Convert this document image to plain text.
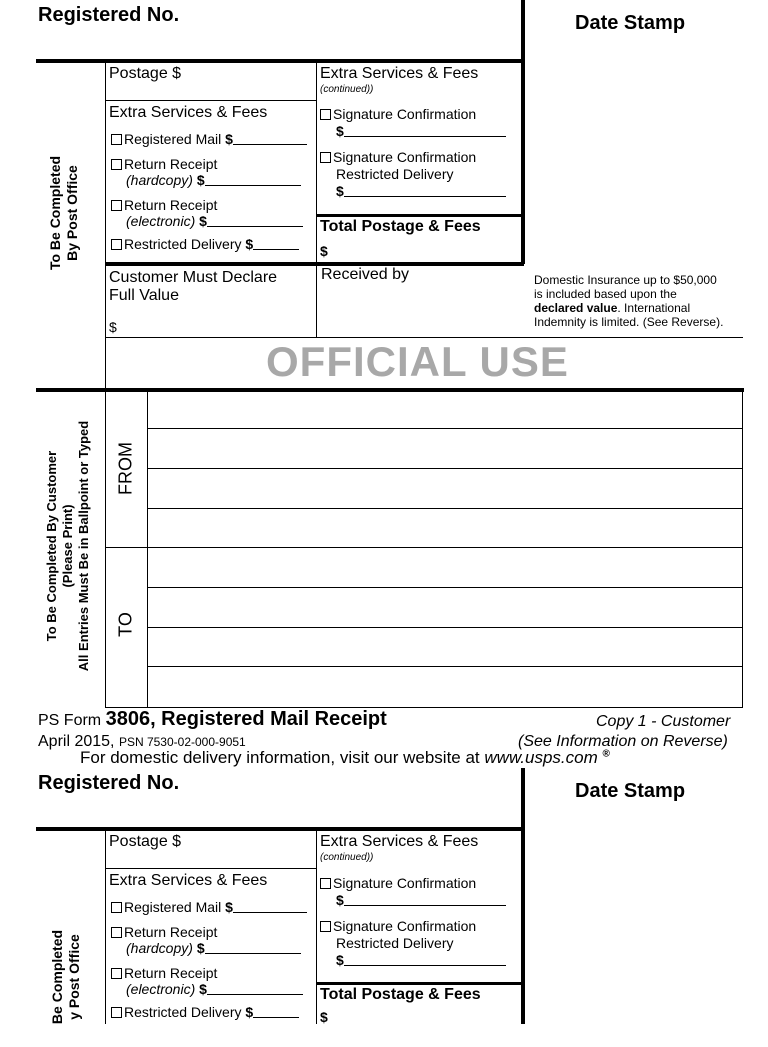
Registered No.	Date Stamp
To Be Completed By Post Office
Postage $
Extra Services & Fees
Registered Mail $
Return Receipt
(hardcopy) $
Return Receipt
(electronic) $
Restricted Delivery $
Extra Services & Fees
(continued))
Signature Confirmation
$
Signature Confirmation
Restricted Delivery
$
Total Postage & Fees
$
Customer Must Declare
Full Value
$
Received by	Domestic Insurance up to $50,000
is included based upon the
declared value. International
Indemnity is limited. (See Reverse).
OFFICIAL USE
To Be Completed By Customer (Please Print) All Entries Must Be in Ballpoint or Typed FROM
TO
PS Form 3806, Registered Mail Receipt	Copy 1 - Customer
April 2015, PSN 7530-02-000-9051	(See Information on Reverse)
For domestic delivery information, visit our website at www.usps.com ®
Registered No.	Date Stamp
Be Completed y Post Office
Postage $
Extra Services & Fees
Registered Mail $
Return Receipt
(hardcopy) $
Return Receipt
(electronic) $
Restricted Delivery $
Extra Services & Fees
(continued))
Signature Confirmation
$
Signature Confirmation
Restricted Delivery
$
Total Postage & Fees
$
